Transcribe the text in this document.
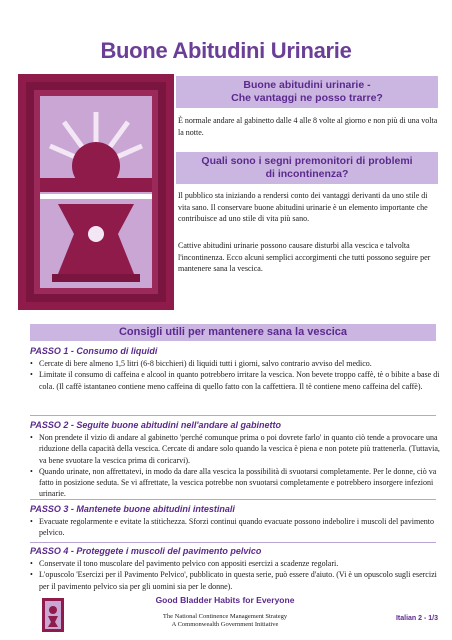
Buone Abitudini Urinarie
Buone abitudini urinarie -
Che vantaggi ne posso trarre?
È normale andare al gabinetto dalle 4 alle 8 volte al giorno e non più di una volta la notte.
Quali sono i segni premonitori di problemi
di incontinenza?
Il pubblico sta iniziando a rendersi conto dei vantaggi derivanti da uno stile di vita sano. Il conservare buone abitudini urinarie è un elemento importante che contribuisce ad uno stile di vita più sano.
Cattive abitudini urinarie possono causare disturbi alla vescica e talvolta l'incontinenza. Ecco alcuni semplici accorgimenti che tutti possono seguire per mantenere sana la vescica.
Consigli utili per mantenere sana la vescica
PASSO 1 - Consumo di liquidi
• Cercate di bere almeno 1,5 litri (6-8 bicchieri) di liquidi tutti i giorni, salvo contrario avviso del medico.
• Limitate il consumo di caffeina e alcool in quanto potrebbero irritare la vescica. Non bevete troppo caffè, tè o bibite a base di cola. (Il caffè istantaneo contiene meno caffeina di quello fatto con la caffettiera. Il tè contiene meno caffeina del caffè).
PASSO 2 - Seguite buone abitudini nell'andare al gabinetto
• Non prendete il vizio di andare al gabinetto 'perché comunque prima o poi dovrete farlo' in quanto ciò tende a provocare una riduzione della capacità della vescica. Cercate di andare solo quando la vescica è piena e non potete più trattenerla. (Tuttavia, va bene svuotare la vescica prima di coricarvi).
• Quando urinate, non affrettatevi, in modo da dare alla vescica la possibilità di svuotarsi completamente. Per le donne, ciò va fatto in posizione seduta. Se vi affrettate, la vescica potrebbe non svuotarsi completamente e potrebbero insorgere infezioni urinarie.
PASSO 3 - Mantenete buone abitudini intestinali
• Evacuate regolarmente e evitate la stitichezza. Sforzi continui quando evacuate possono indebolire i muscoli del pavimento pelvico.
PASSO 4 - Proteggete i muscoli del pavimento pelvico
• Conservate il tono muscolare del pavimento pelvico con appositi esercizi a scadenze regolari.
• L'opuscolo 'Esercizi per il Pavimento Pelvico', pubblicato in questa serie, può essere d'aiuto. (Vi è un opuscolo sugli esercizi per il pavimento pelvico sia per gli uomini sia per le donne).
Good Bladder Habits for Everyone
The National Continence Management Strategy
A Commonwealth Government Initiative
Italian 2 - 1/3
